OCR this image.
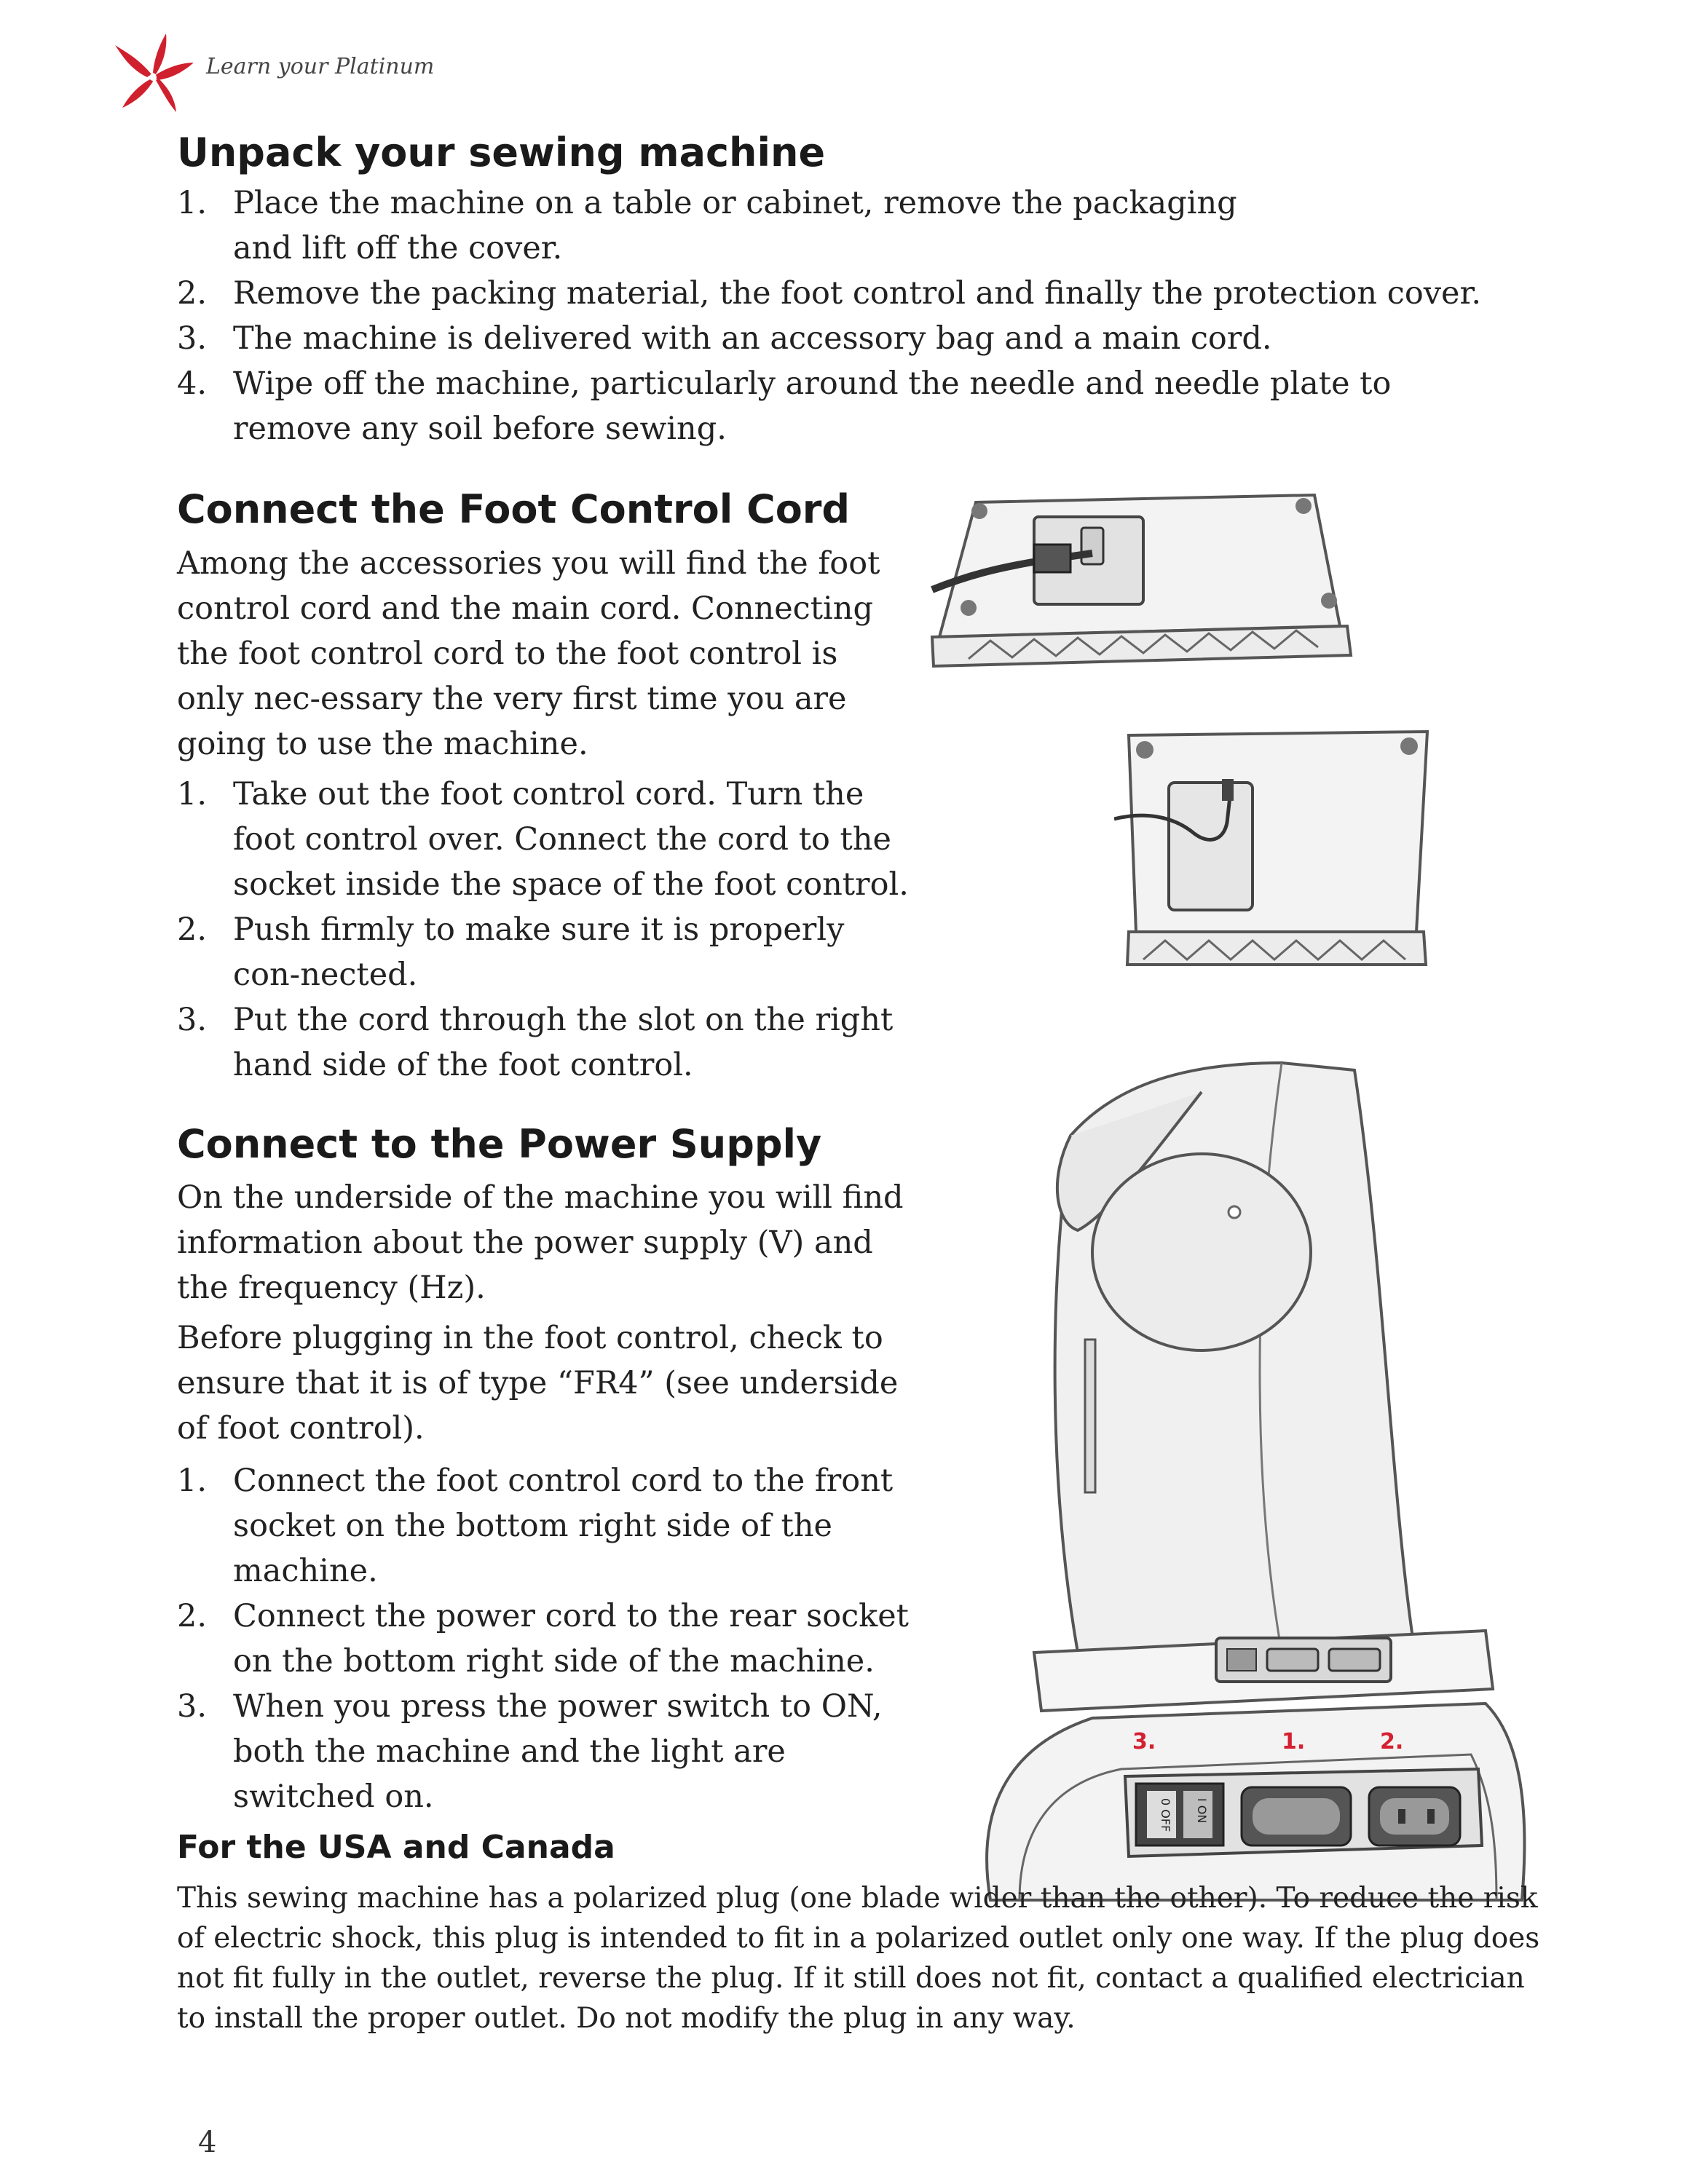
Learn your Platinum
Unpack your sewing machine
1. Place the machine on a table or cabinet, remove the packaging and lift off the cover.
2. Remove the packing material, the foot control and finally the protection cover.
3. The machine is delivered with an accessory bag and a main cord.
4. Wipe off the machine, particularly around the needle and needle plate to remove any soil before sewing.
Connect the Foot Control Cord

Among the accessories you will find the foot control cord and the main cord. Connecting the foot control cord to the foot control is only nec-essary the very first time you are going to use the machine.

1. Take out the foot control cord. Turn the foot control over. Connect the cord to the socket inside the space of the foot control.
2. Push firmly to make sure it is properly con-nected.
3. Put the cord through the slot on the right hand side of the foot control.
Connect to the Power Supply

On the underside of the machine you will find information about the power supply (V) and the frequency (Hz).

Before plugging in the foot control, check to ensure that it is of type “FR4” (see underside of foot control).

1. Connect the foot control cord to the front socket on the bottom right side of the machine.
2. Connect the power cord to the rear socket on the bottom right side of the machine.
3. When you press the power switch to ON, both the machine and the light are switched on.
3.	1.	2.
0 OFF I ON
For the USA and Canada

This sewing machine has a polarized plug (one blade wider than the other). To reduce the risk of electric shock, this plug is intended to fit in a polarized outlet only one way. If the plug does not fit fully in the outlet, reverse the plug. If it still does not fit, contact a qualified electrician to install the proper outlet. Do not modify the plug in any way.

4
